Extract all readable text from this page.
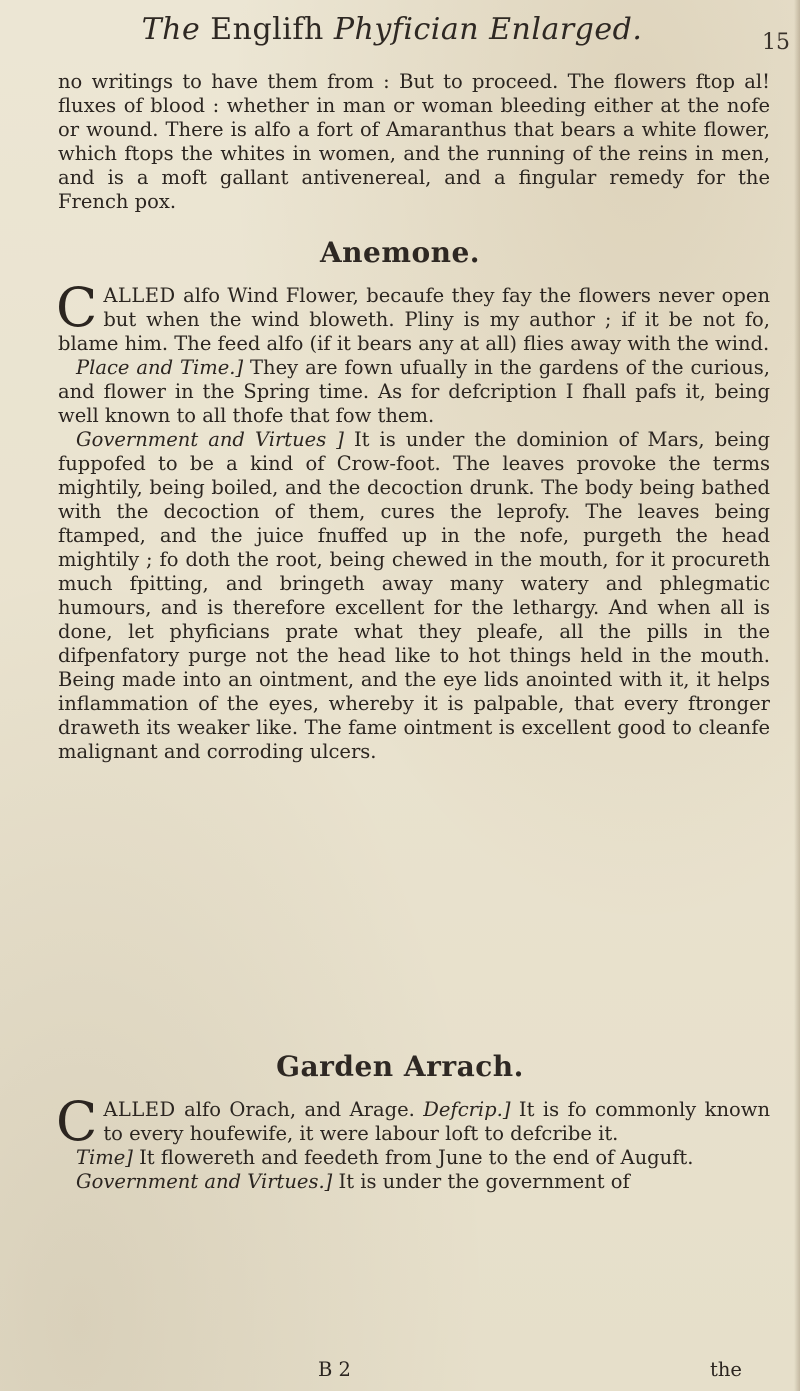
The Englifh Phyfician Enlarged.	15

no writings to have them from : But to proceed. The flowers ftop al! fluxes of blood : whether in man or woman bleeding either at the nofe or wound. There is alfo a fort of Amaranthus that bears a white flower, which ftops the whites in women, and the running of the reins in men, and is a moft gallant antivenereal, and a fingular remedy for the French pox.

Anemone.

CALLED alfo Wind Flower, becaufe they fay the flowers never open but when the wind bloweth. Pliny is my author ; if it be not fo, blame him. The feed alfo (if it bears any at all) flies away with the wind.

Place and Time.] They are fown ufually in the gardens of the curious, and flower in the Spring time. As for defcription I fhall pafs it, being well known to all thofe that fow them.

Government and Virtues ] It is under the dominion of Mars, being fuppofed to be a kind of Crow-foot. The leaves provoke the terms mightily, being boiled, and the decoction drunk. The body being bathed with the decoction of them, cures the leprofy. The leaves being ftamped, and the juice fnuffed up in the nofe, purgeth the head mightily ; fo doth the root, being chewed in the mouth, for it procureth much fpitting, and bringeth away many watery and phlegmatic humours, and is therefore excellent for the lethargy. And when all is done, let phyficians prate what they pleafe, all the pills in the difpenfatory purge not the head like to hot things held in the mouth. Being made into an ointment, and the eye lids anointed with it, it helps inflammation of the eyes, whereby it is palpable, that every ftronger draweth its weaker like. The fame ointment is excellent good to cleanfe malignant and corroding ulcers.

Garden Arrach.

CALLED alfo Orach, and Arage. Defcrip.] It is fo commonly known to every houfewife, it were labour loft to defcribe it.

Time] It flowereth and feedeth from June to the end of Auguft.

Government and Virtues.] It is under the government of

B 2	the
